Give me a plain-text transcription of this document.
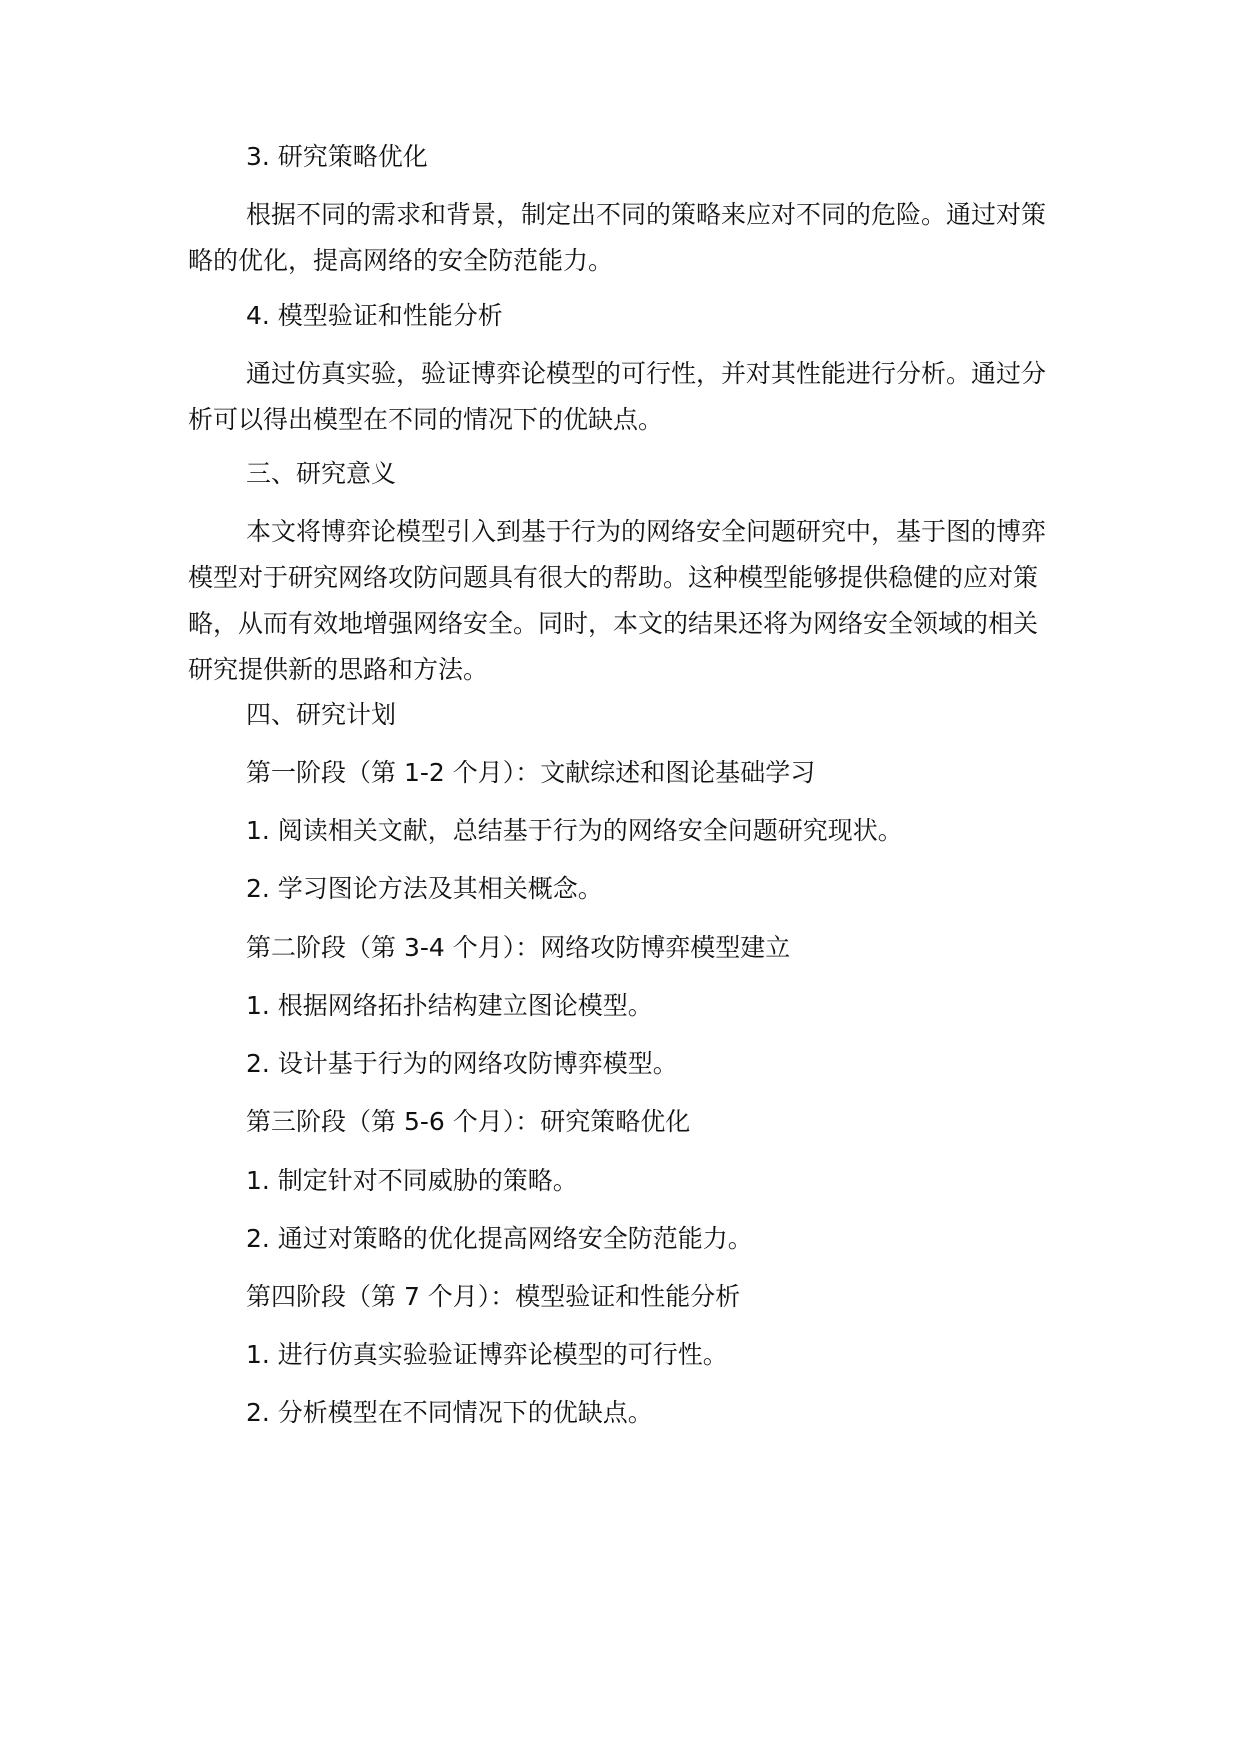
3. 研究策略优化
根据不同的需求和背景，制定出不同的策略来应对不同的危险。通过对策略的优化，提高网络的安全防范能力。
4. 模型验证和性能分析
通过仿真实验，验证博弈论模型的可行性，并对其性能进行分析。通过分析可以得出模型在不同的情况下的优缺点。
三、研究意义
本文将博弈论模型引入到基于行为的网络安全问题研究中，基于图的博弈模型对于研究网络攻防问题具有很大的帮助。这种模型能够提供稳健的应对策略，从而有效地增强网络安全。同时，本文的结果还将为网络安全领域的相关研究提供新的思路和方法。
四、研究计划
第一阶段（第 1-2 个月）：文献综述和图论基础学习
1. 阅读相关文献，总结基于行为的网络安全问题研究现状。
2. 学习图论方法及其相关概念。
第二阶段（第 3-4 个月）：网络攻防博弈模型建立
1. 根据网络拓扑结构建立图论模型。
2. 设计基于行为的网络攻防博弈模型。
第三阶段（第 5-6 个月）：研究策略优化
1. 制定针对不同威胁的策略。
2. 通过对策略的优化提高网络安全防范能力。
第四阶段（第 7 个月）：模型验证和性能分析
1. 进行仿真实验验证博弈论模型的可行性。
2. 分析模型在不同情况下的优缺点。
